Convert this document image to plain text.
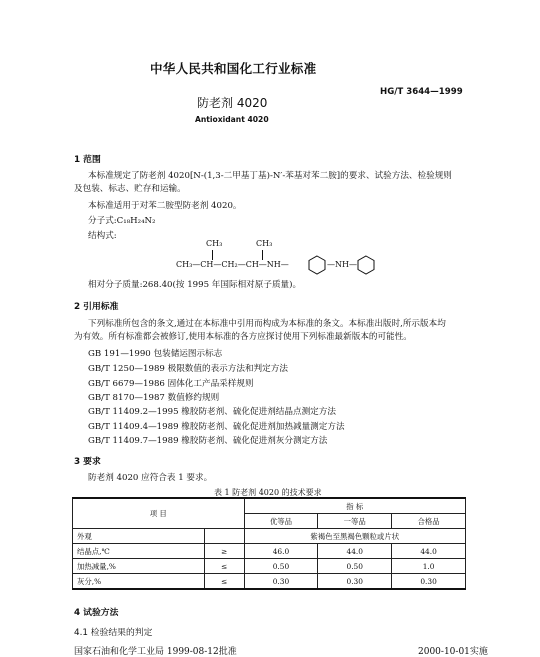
中华人民共和国化工行业标准
HG/T 3644—1999
防老剂 4020
Antioxidant 4020
1 范围
本标准规定了防老剂 4020[N-(1,3-二甲基丁基)-N′-苯基对苯二胺]的要求、试验方法、检验规则
及包装、标志、贮存和运输。
本标准适用于对苯二胺型防老剂 4020。
分子式:C₁₈H₂₄N₂
结构式:
CH₃	CH₃
CH₃—CH—CH₂—CH—NH—	—NH—
相对分子质量:268.40(按 1995 年国际相对原子质量)。
2 引用标准
下列标准所包含的条文,通过在本标准中引用而构成为本标准的条文。本标准出版时,所示版本均
为有效。所有标准都会被修订,使用本标准的各方应探讨使用下列标准最新版本的可能性。
GB 191—1990 包装储运图示标志
GB/T 1250—1989 极限数值的表示方法和判定方法
GB/T 6679—1986 固体化工产品采样规则
GB/T 8170—1987 数值修约规则
GB/T 11409.2—1995 橡胶防老剂、硫化促进剂结晶点测定方法
GB/T 11409.4—1989 橡胶防老剂、硫化促进剂加热减量测定方法
GB/T 11409.7—1989 橡胶防老剂、硫化促进剂灰分测定方法
3 要求
防老剂 4020 应符合表 1 要求。
表 1 防老剂 4020 的技术要求
项 目		指 标		
		优等品	一等品	合格品
外观		紫褐色至黑褐色颗粒或片状		
结晶点,℃	≥	46.0	44.0	44.0
加热减量,%	≤	0.50	0.50	1.0
灰分,%	≤	0.30	0.30	0.30
4 试验方法
4.1 检验结果的判定
国家石油和化学工业局 1999-08-12批准	2000-10-01实施
